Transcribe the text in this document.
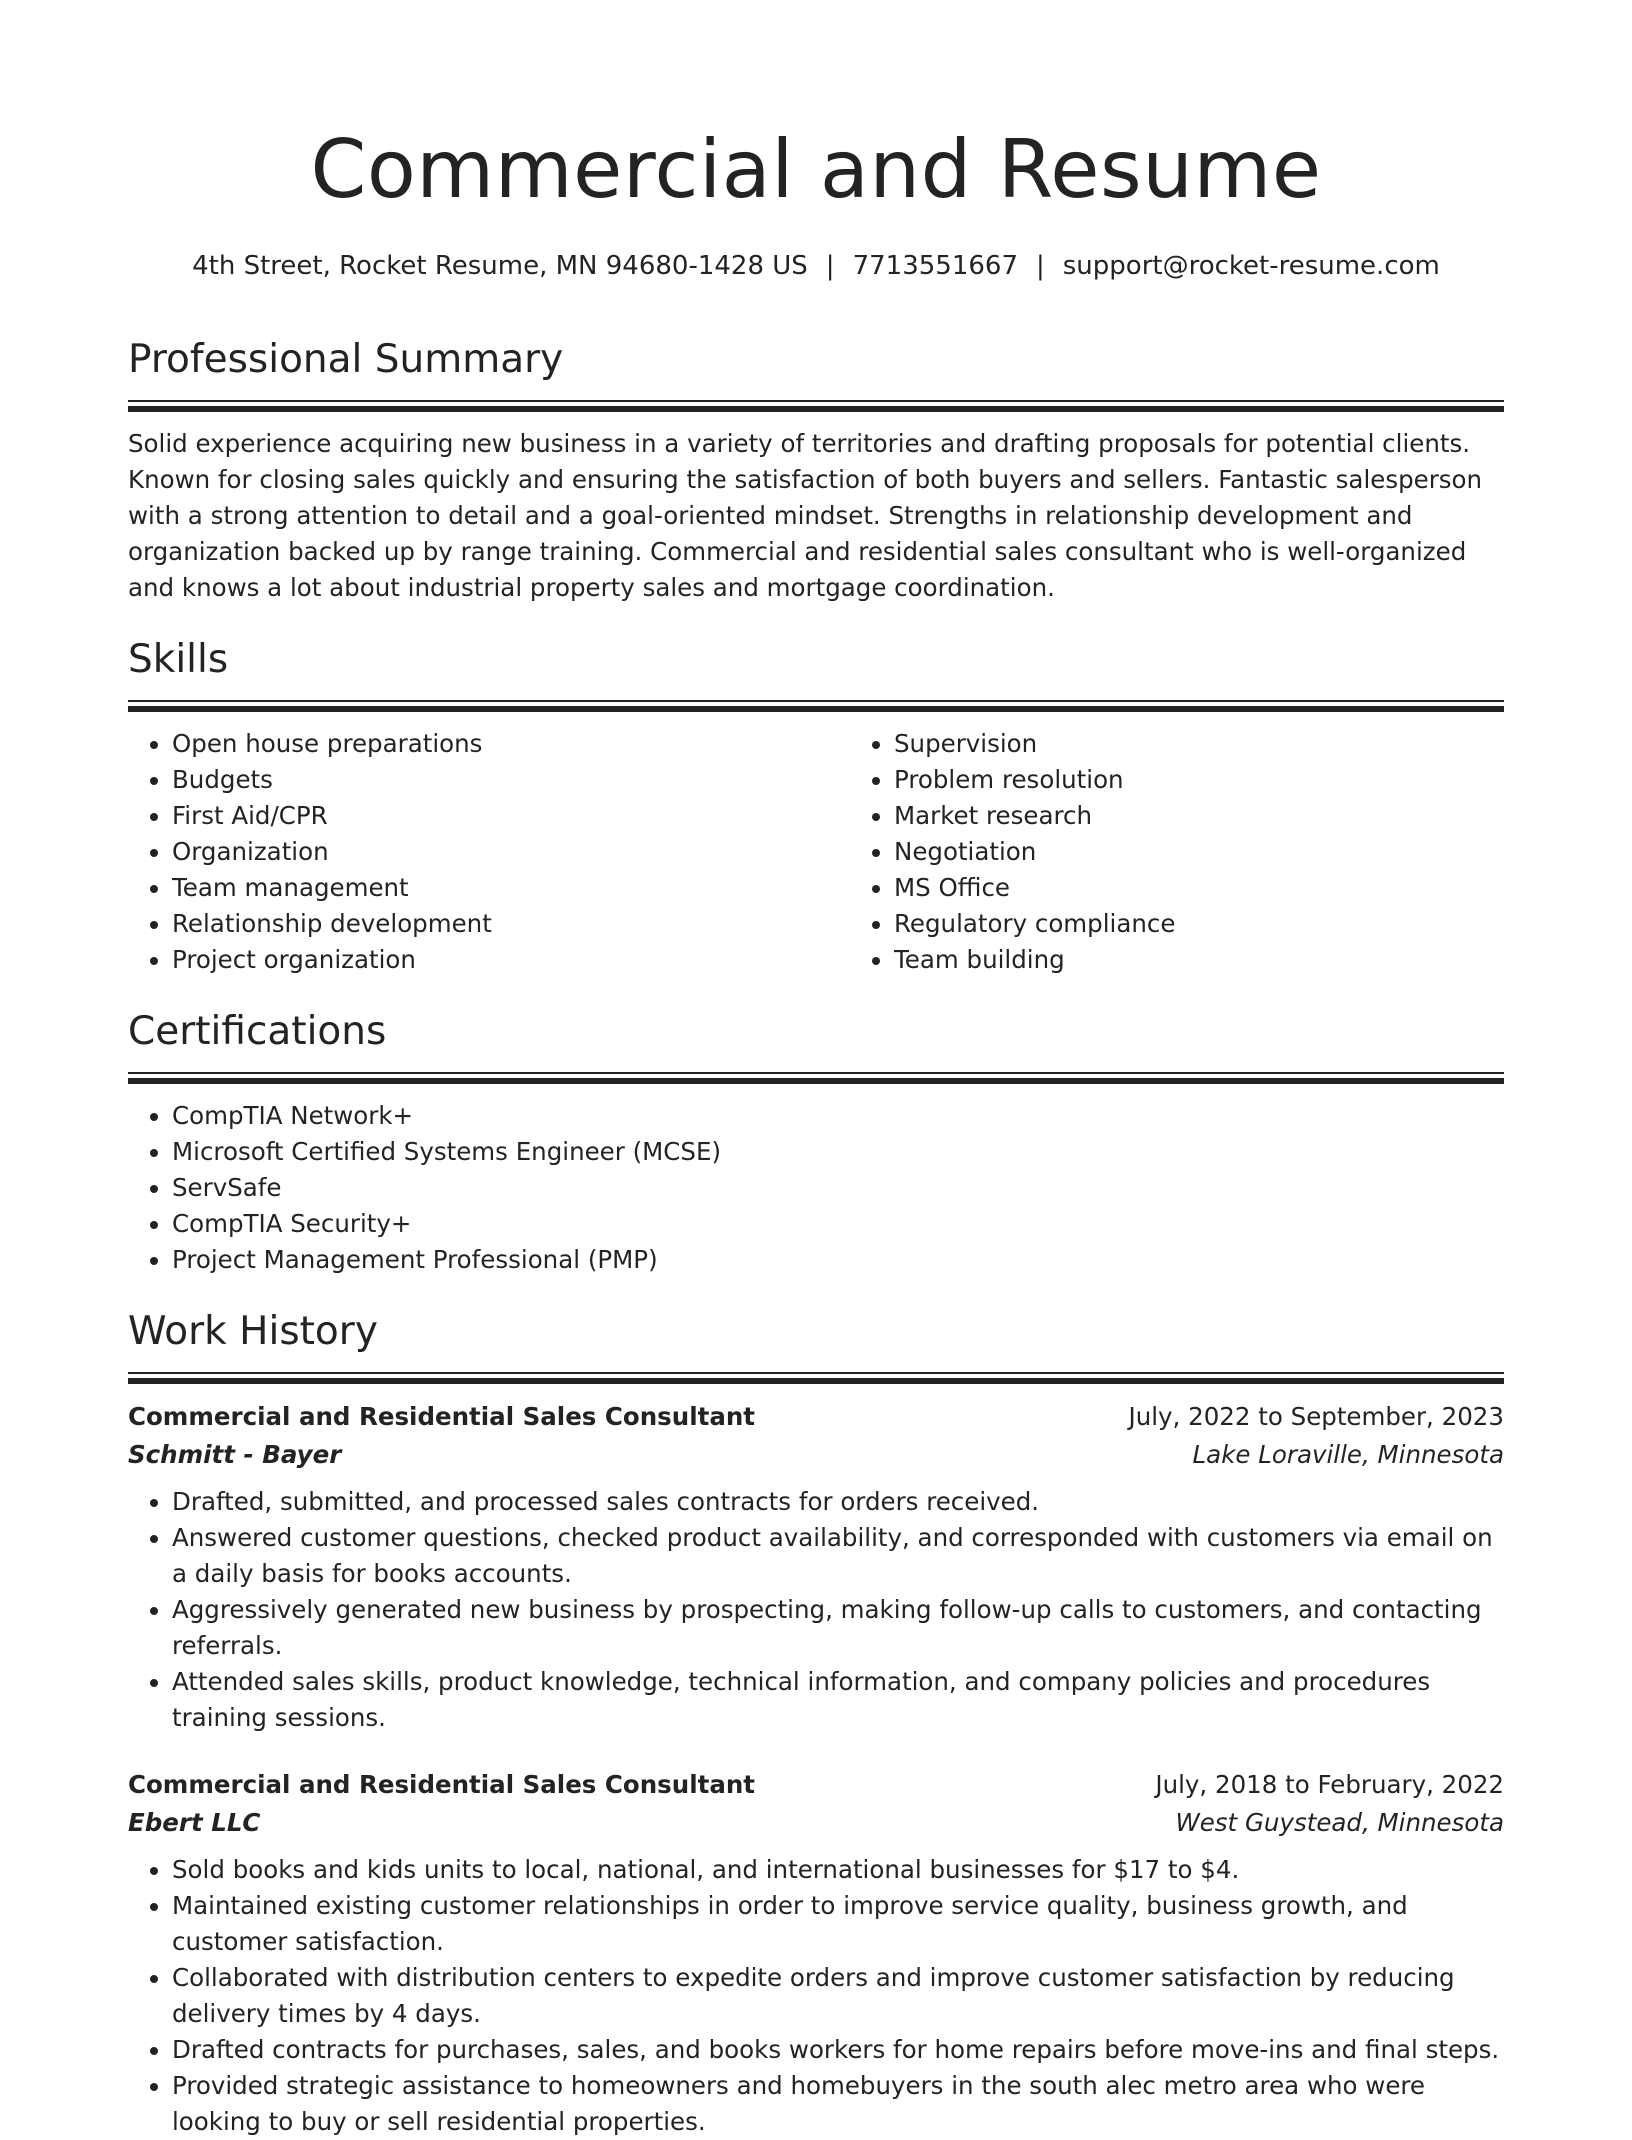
Commercial and Resume
4th Street, Rocket Resume, MN 94680-1428 US | 7713551667 | support@rocket-resume.com
Professional Summary

Solid experience acquiring new business in a variety of territories and drafting proposals for potential clients. Known for closing sales quickly and ensuring the satisfaction of both buyers and sellers. Fantastic salesperson with a strong attention to detail and a goal-oriented mindset. Strengths in relationship development and organization backed up by range training. Commercial and residential sales consultant who is well-organized and knows a lot about industrial property sales and mortgage coordination.

Skills
• Open house preparations
• Budgets
• First Aid/CPR
• Organization
• Team management
• Relationship development
• Project organization
• Supervision
• Problem resolution
• Market research
• Negotiation
• MS Office
• Regulatory compliance
• Team building
Certifications
• CompTIA Network+
• Microsoft Certified Systems Engineer (MCSE)
• ServSafe
• CompTIA Security+
• Project Management Professional (PMP)
Work History
Commercial and Residential Sales Consultant	July, 2022 to September, 2023
Schmitt - Bayer	Lake Loraville, Minnesota
• Drafted, submitted, and processed sales contracts for orders received.
• Answered customer questions, checked product availability, and corresponded with customers via email on a daily basis for books accounts.
• Aggressively generated new business by prospecting, making follow-up calls to customers, and contacting referrals.
• Attended sales skills, product knowledge, technical information, and company policies and procedures training sessions.
Commercial and Residential Sales Consultant	July, 2018 to February, 2022
Ebert LLC	West Guystead, Minnesota
• Sold books and kids units to local, national, and international businesses for $17 to $4.
• Maintained existing customer relationships in order to improve service quality, business growth, and customer satisfaction.
• Collaborated with distribution centers to expedite orders and improve customer satisfaction by reducing delivery times by 4 days.
• Drafted contracts for purchases, sales, and books workers for home repairs before move-ins and final steps.
• Provided strategic assistance to homeowners and homebuyers in the south alec metro area who were looking to buy or sell residential properties.
